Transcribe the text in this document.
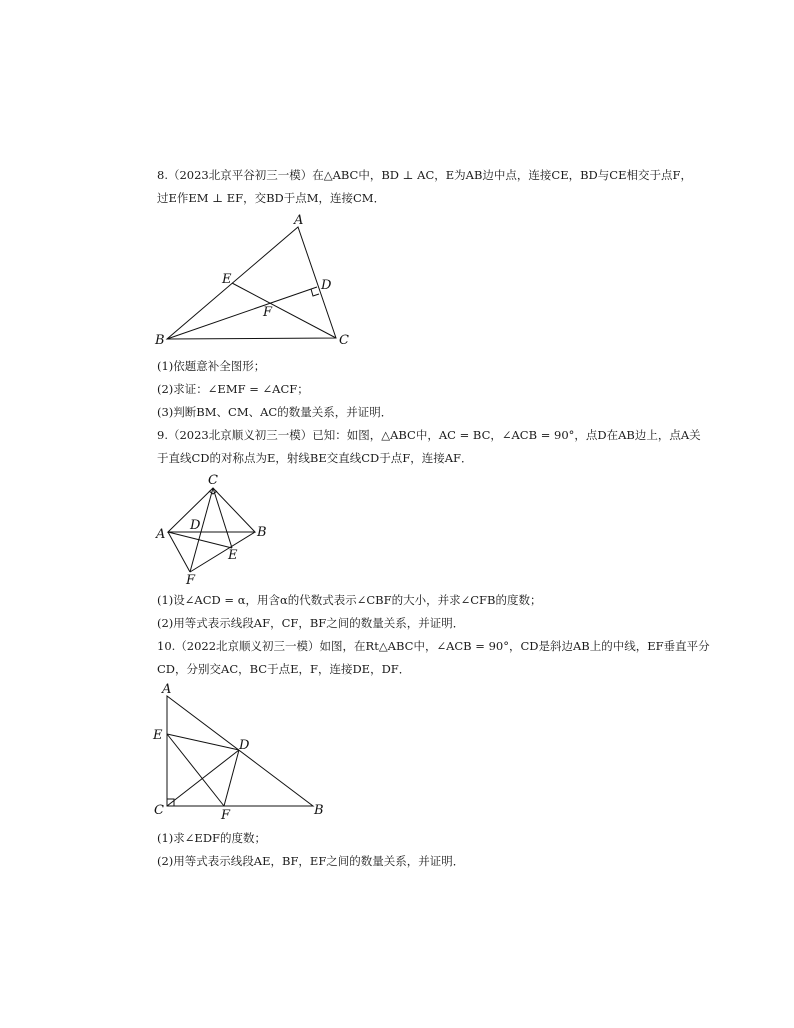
8.（2023北京平谷初三一模）在△ABC中，BD ⊥ AC，E为AB边中点，连接CE，BD与CE相交于点F，
过E作EM ⊥ EF，交BD于点M，连接CM．
A
B	C
D
E
F
(1)依题意补全图形；
(2)求证：∠EMF = ∠ACF；
(3)判断BM、CM、AC的数量关系，并证明．
9.（2023北京顺义初三一模）已知：如图，△ABC中，AC = BC，∠ACB = 90°，点D在AB边上，点A关
于直线CD的对称点为E，射线BE交直线CD于点F，连接AF．
C
A	B
D
E
F
(1)设∠ACD = α，用含α的代数式表示∠CBF的大小，并求∠CFB的度数；
(2)用等式表示线段AF，CF，BF之间的数量关系，并证明．
10.（2022北京顺义初三一模）如图，在Rt△ABC中，∠ACB = 90°，CD是斜边AB上的中线，EF垂直平分
CD，分别交AC，BC于点E，F，连接DE，DF．
A
E
D
C	F	B
(1)求∠EDF的度数；
(2)用等式表示线段AE，BF，EF之间的数量关系，并证明．
